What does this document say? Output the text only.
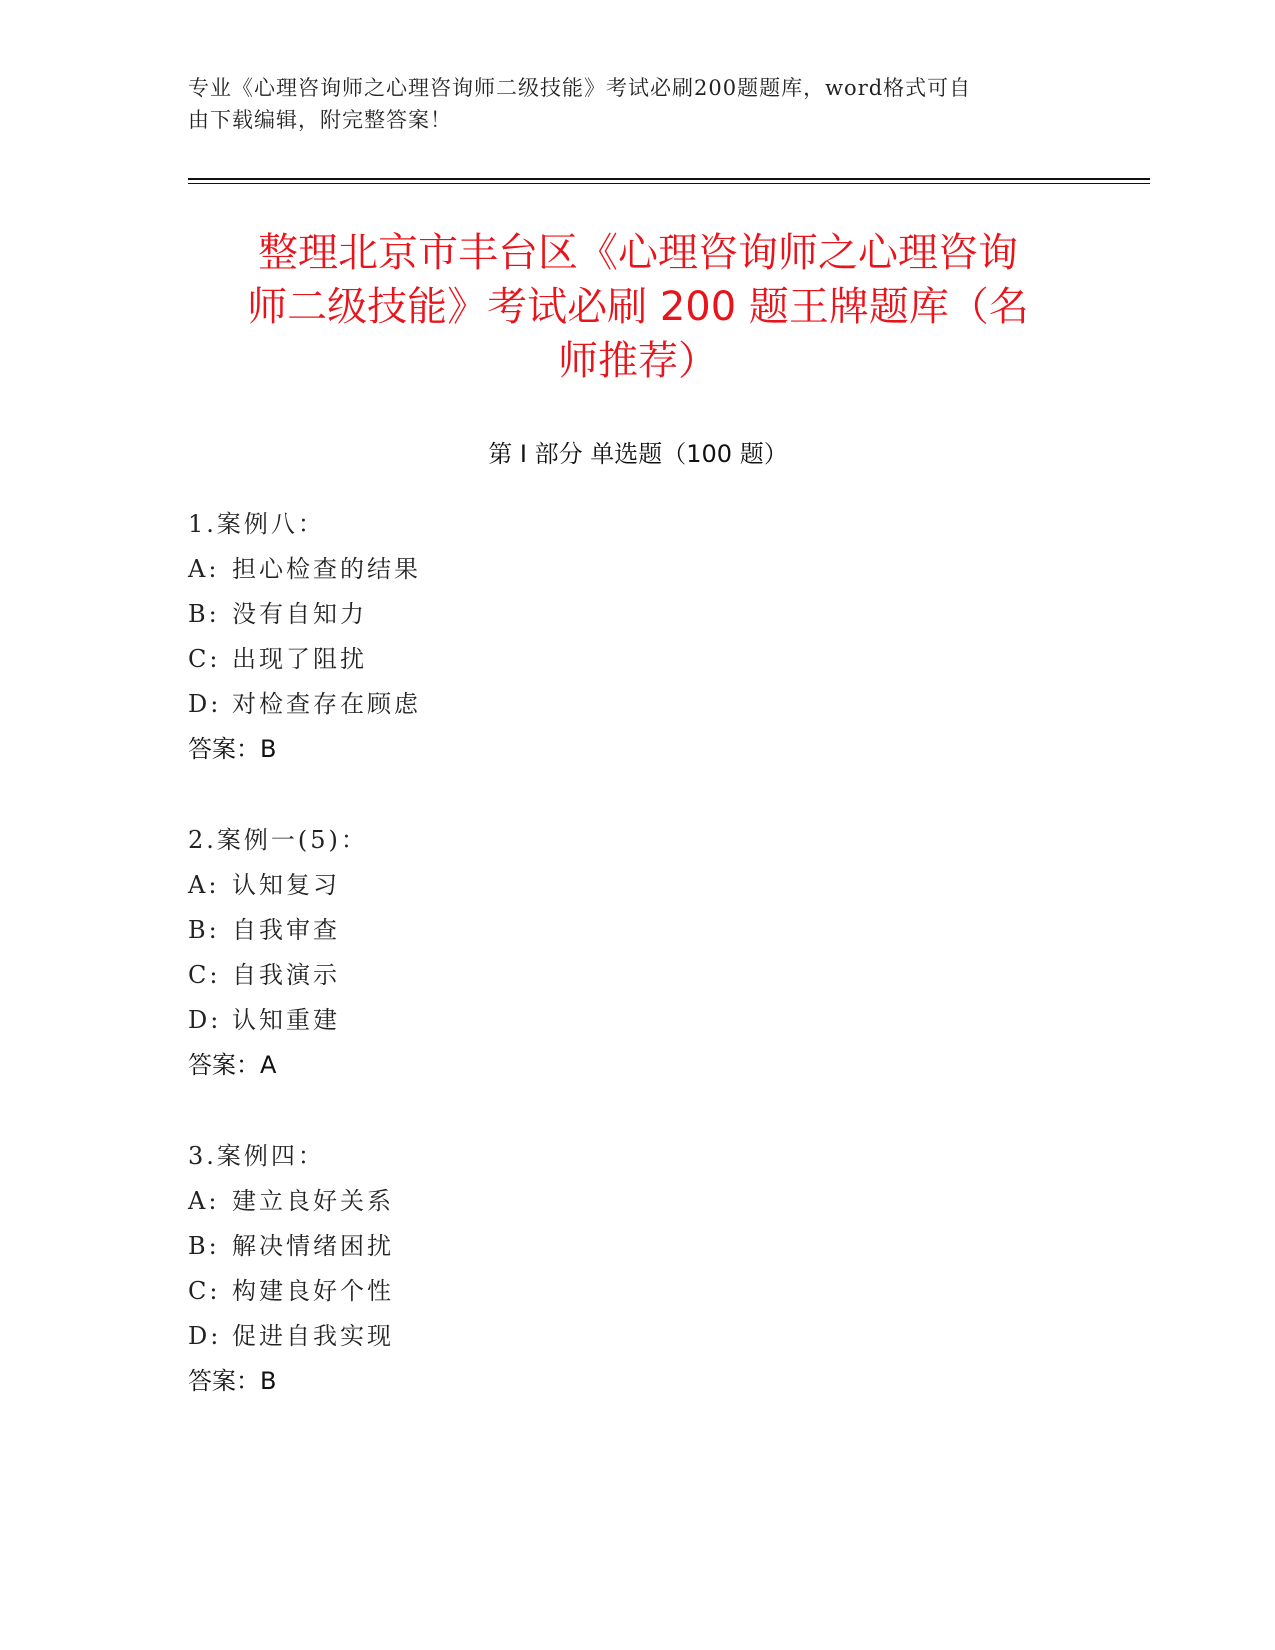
专业《心理咨询师之心理咨询师二级技能》考试必刷200题题库，word格式可自
由下载编辑，附完整答案！
整理北京市丰台区《心理咨询师之心理咨询
师二级技能》考试必刷 200 题王牌题库（名
师推荐）
第 I 部分 单选题（100 题）
1.案例八：
A: 担心检查的结果
B: 没有自知力
C: 出现了阻扰
D: 对检查存在顾虑
答案：B
2.案例一(5)：
A: 认知复习
B: 自我审查
C: 自我演示
D: 认知重建
答案：A
3.案例四：
A: 建立良好关系
B: 解决情绪困扰
C: 构建良好个性
D: 促进自我实现
答案：B
